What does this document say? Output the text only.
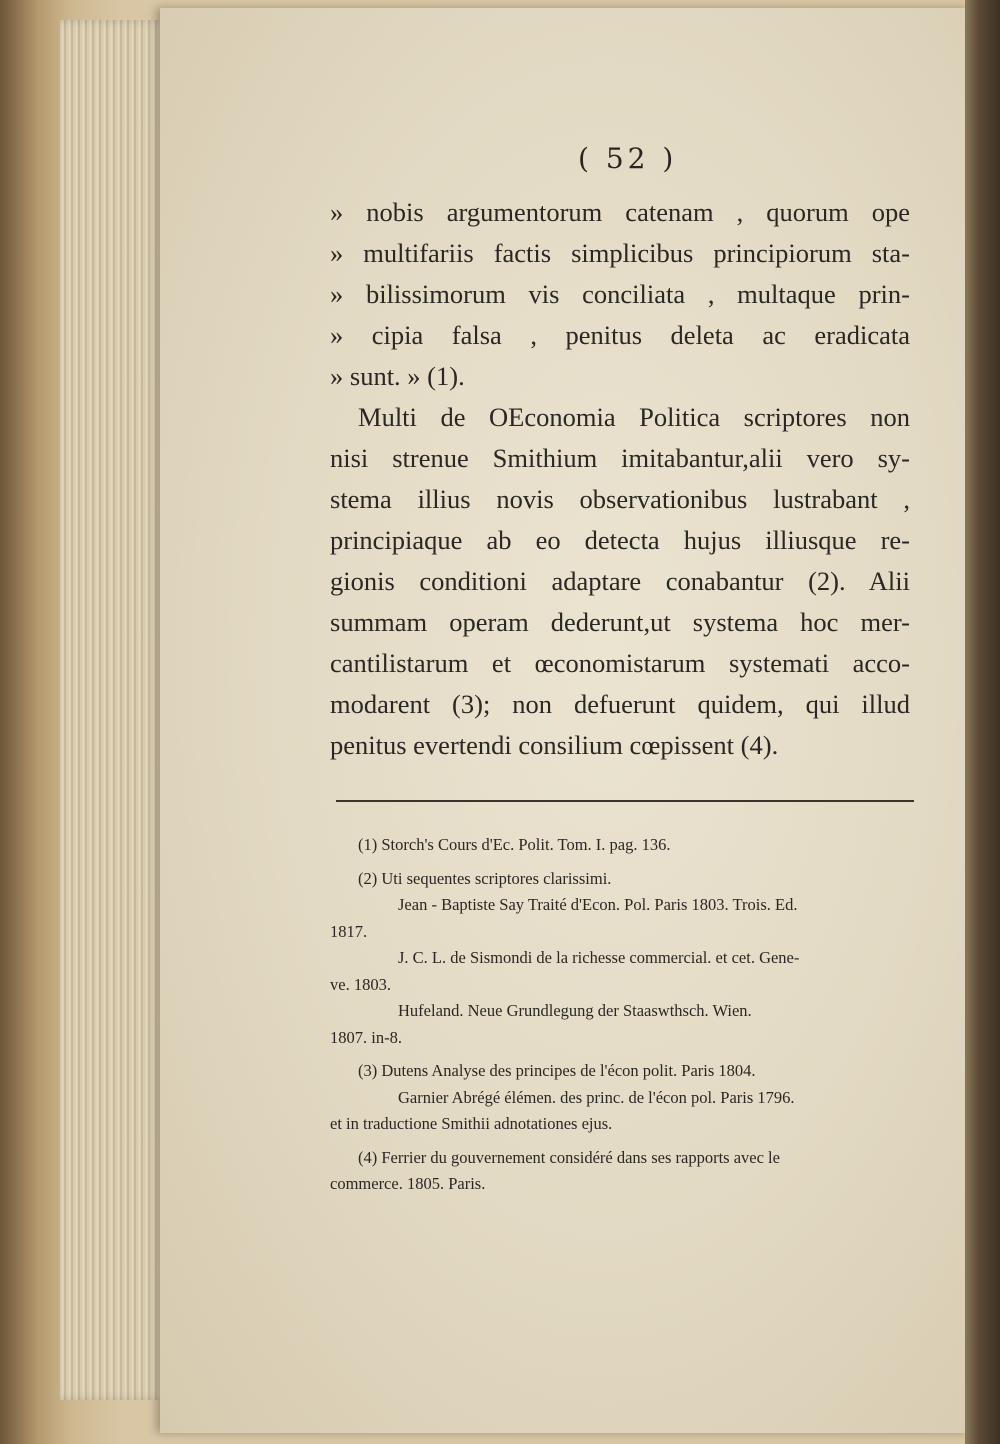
( 52 )
» nobis argumentorum catenam , quorum ope
» multifariis factis simplicibus principiorum sta-
» bilissimorum vis conciliata , multaque prin-
» cipia falsa , penitus deleta ac eradicata
» sunt. » (1).
Multi de OEconomia Politica scriptores non
nisi strenue Smithium imitabantur,alii vero sy-
stema illius novis observationibus lustrabant ,
principiaque ab eo detecta hujus illiusque re-
gionis conditioni adaptare conabantur (2). Alii
summam operam dederunt,ut systema hoc mer-
cantilistarum et œconomistarum systemati acco-
modarent (3); non defuerunt quidem, qui illud
penitus evertendi consilium cœpissent (4).
(1) Storch's Cours d'Ec. Polit. Tom. I. pag. 136.
(2) Uti sequentes scriptores clarissimi.
Jean - Baptiste Say Traité d'Econ. Pol. Paris 1803. Trois. Ed.
1817.
J. C. L. de Sismondi de la richesse commercial. et cet. Gene-
ve. 1803.
Hufeland. Neue Grundlegung der Staaswthsch. Wien.
1807. in-8.
(3) Dutens Analyse des principes de l'écon polit. Paris 1804.
Garnier Abrégé élémen. des princ. de l'écon pol. Paris 1796.
et in traductione Smithii adnotationes ejus.
(4) Ferrier du gouvernement considéré dans ses rapports avec le
commerce. 1805. Paris.
